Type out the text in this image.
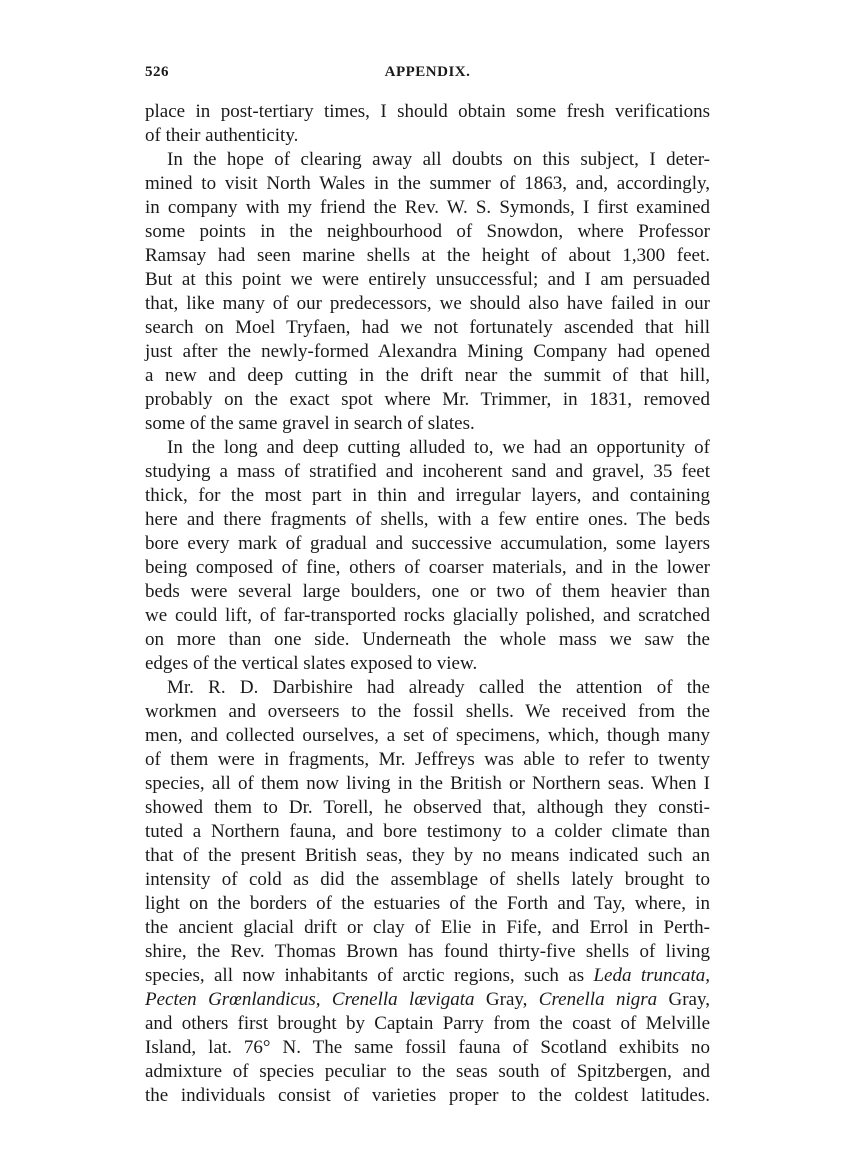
526	APPENDIX.
place in post-tertiary times, I should obtain some fresh verifications
of their authenticity.
In the hope of clearing away all doubts on this subject, I deter-
mined to visit North Wales in the summer of 1863, and, accordingly,
in company with my friend the Rev. W. S. Symonds, I first examined
some points in the neighbourhood of Snowdon, where Professor
Ramsay had seen marine shells at the height of about 1,300 feet.
But at this point we were entirely unsuccessful; and I am persuaded
that, like many of our predecessors, we should also have failed in our
search on Moel Tryfaen, had we not fortunately ascended that hill
just after the newly-formed Alexandra Mining Company had opened
a new and deep cutting in the drift near the summit of that hill,
probably on the exact spot where Mr. Trimmer, in 1831, removed
some of the same gravel in search of slates.
In the long and deep cutting alluded to, we had an opportunity of
studying a mass of stratified and incoherent sand and gravel, 35 feet
thick, for the most part in thin and irregular layers, and containing
here and there fragments of shells, with a few entire ones. The beds
bore every mark of gradual and successive accumulation, some layers
being composed of fine, others of coarser materials, and in the lower
beds were several large boulders, one or two of them heavier than
we could lift, of far-transported rocks glacially polished, and scratched
on more than one side. Underneath the whole mass we saw the
edges of the vertical slates exposed to view.
Mr. R. D. Darbishire had already called the attention of the
workmen and overseers to the fossil shells. We received from the
men, and collected ourselves, a set of specimens, which, though many
of them were in fragments, Mr. Jeffreys was able to refer to twenty
species, all of them now living in the British or Northern seas. When I
showed them to Dr. Torell, he observed that, although they consti-
tuted a Northern fauna, and bore testimony to a colder climate than
that of the present British seas, they by no means indicated such an
intensity of cold as did the assemblage of shells lately brought to
light on the borders of the estuaries of the Forth and Tay, where, in
the ancient glacial drift or clay of Elie in Fife, and Errol in Perth-
shire, the Rev. Thomas Brown has found thirty-five shells of living
species, all now inhabitants of arctic regions, such as Leda truncata,
Pecten Grœnlandicus, Crenella lævigata Gray, Crenella nigra Gray,
and others first brought by Captain Parry from the coast of Melville
Island, lat. 76° N. The same fossil fauna of Scotland exhibits no
admixture of species peculiar to the seas south of Spitzbergen, and
the individuals consist of varieties proper to the coldest latitudes.
